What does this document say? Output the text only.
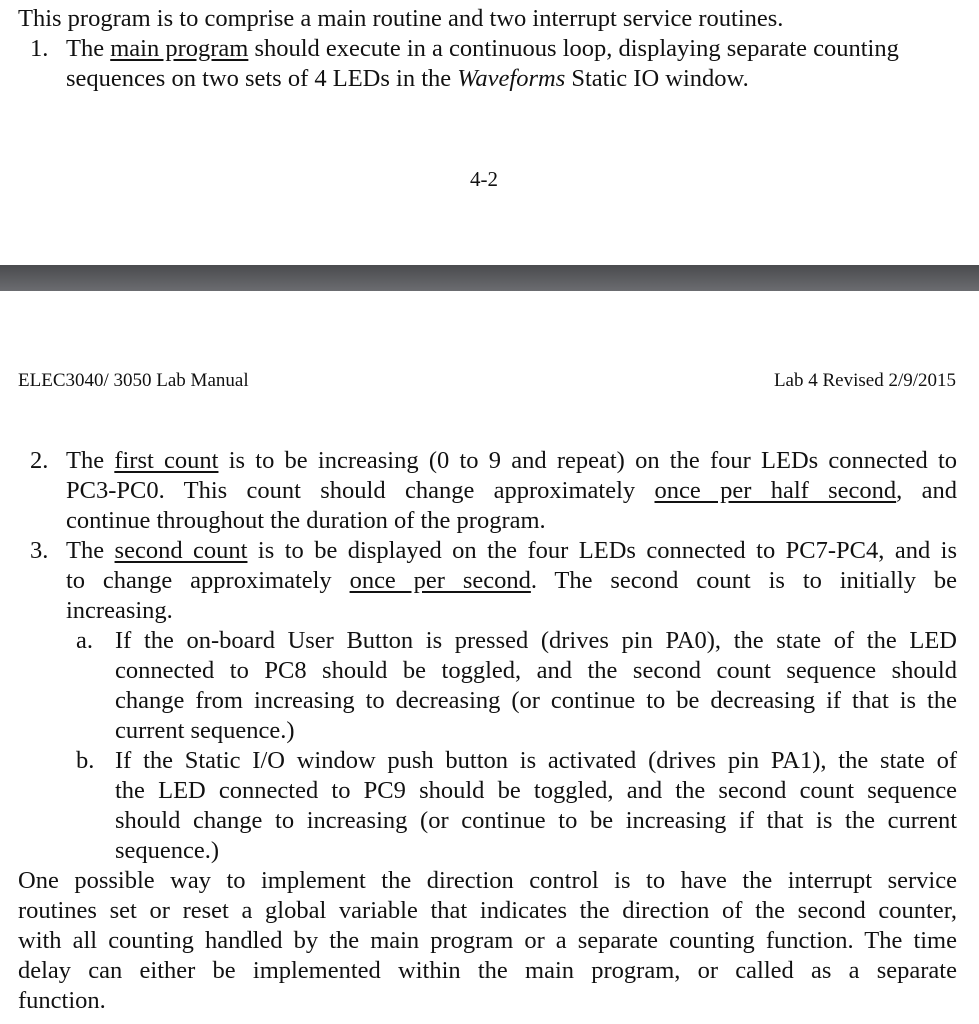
This program is to comprise a main routine and two interrupt service routines.
1. The main program should execute in a continuous loop, displaying separate counting
sequences on two sets of 4 LEDs in the Waveforms Static IO window.
4-2
ELEC3040/ 3050 Lab Manual	Lab 4 Revised 2/9/2015
2. The first count is to be increasing (0 to 9 and repeat) on the four LEDs connected to
PC3-PC0. This count should change approximately once per half second, and
continue throughout the duration of the program.
3. The second count is to be displayed on the four LEDs connected to PC7-PC4, and is
to change approximately once per second. The second count is to initially be
increasing.
a. If the on-board User Button is pressed (drives pin PA0), the state of the LED
connected to PC8 should be toggled, and the second count sequence should
change from increasing to decreasing (or continue to be decreasing if that is the
current sequence.)
b. If the Static I/O window push button is activated (drives pin PA1), the state of
the LED connected to PC9 should be toggled, and the second count sequence
should change to increasing (or continue to be increasing if that is the current
sequence.)
One possible way to implement the direction control is to have the interrupt service
routines set or reset a global variable that indicates the direction of the second counter,
with all counting handled by the main program or a separate counting function. The time
delay can either be implemented within the main program, or called as a separate
function.
